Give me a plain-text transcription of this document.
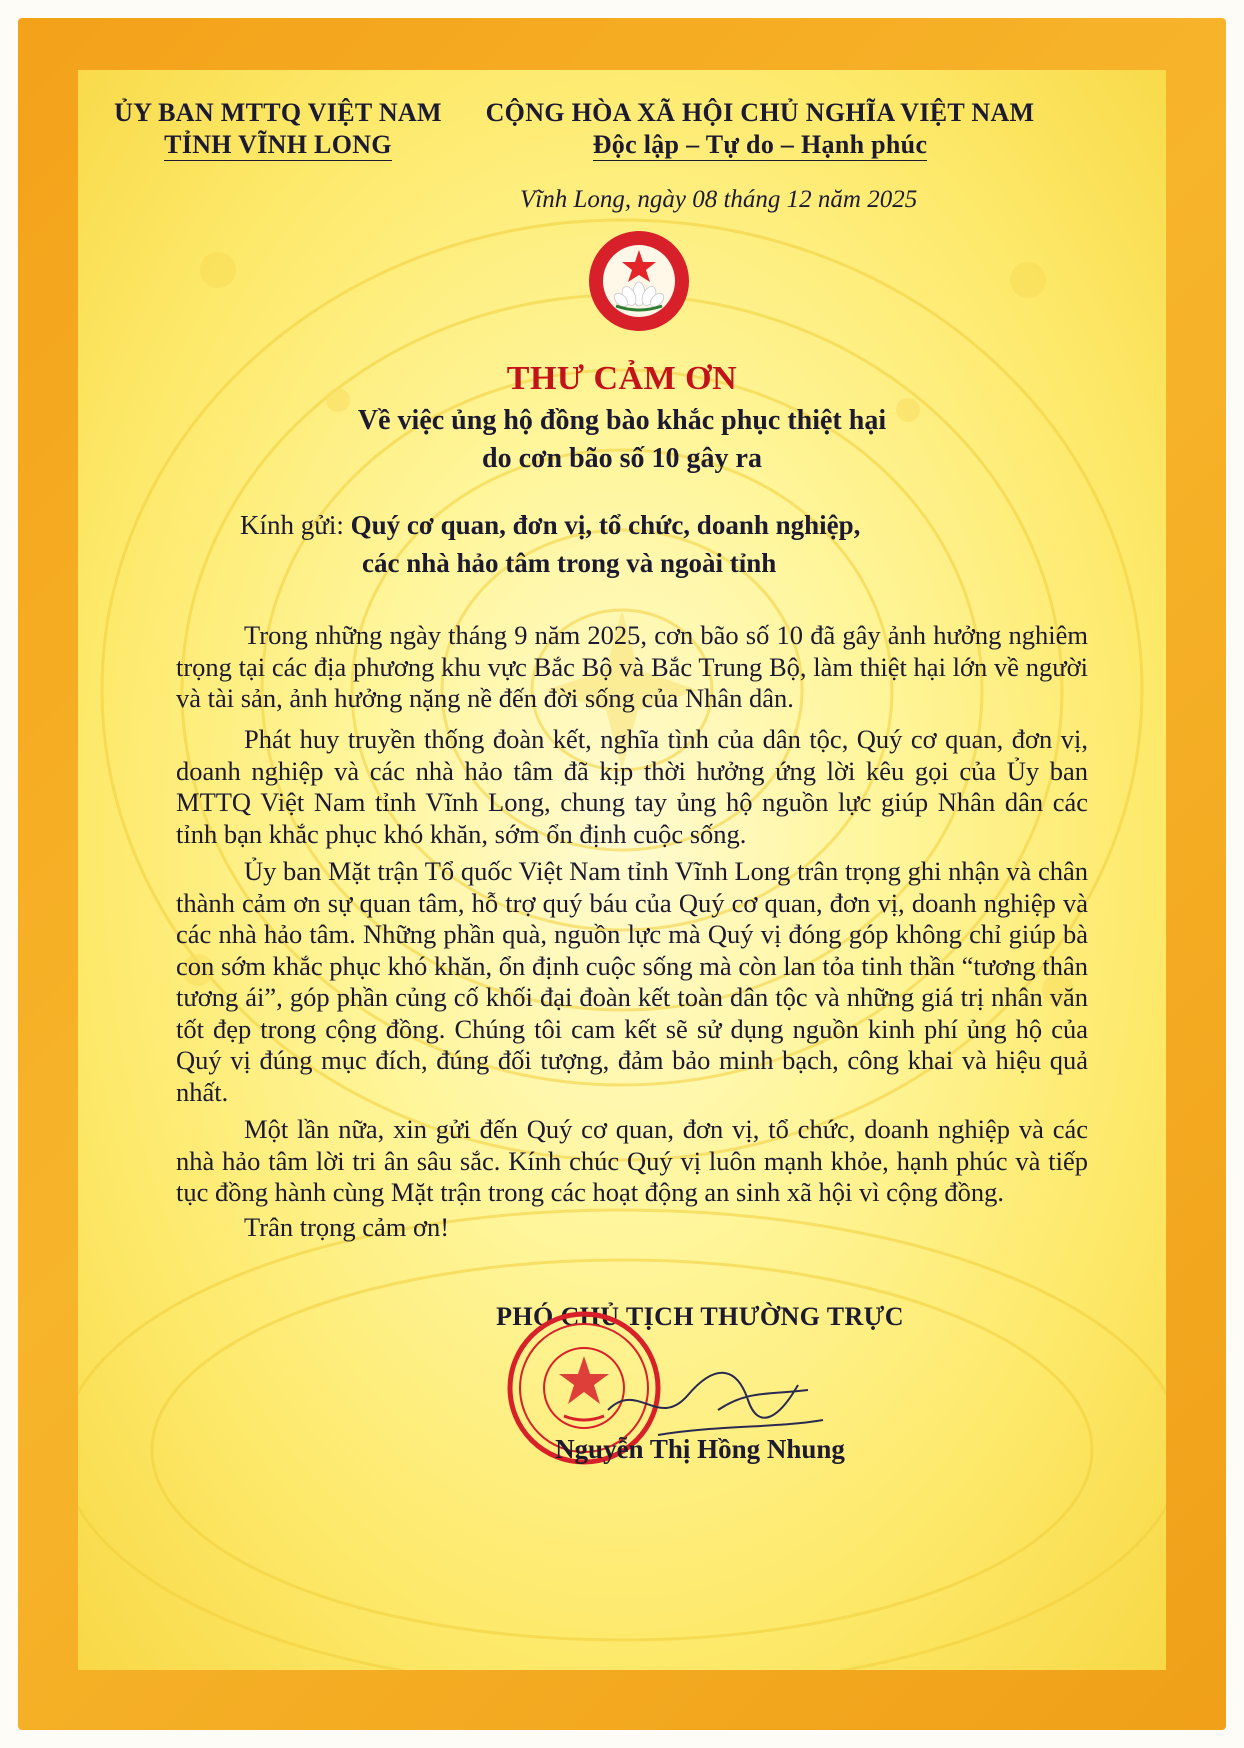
ỦY BAN MTTQ VIỆT NAM
TỈNH VĨNH LONG
CỘNG HÒA XÃ HỘI CHỦ NGHĨA VIỆT NAM
Độc lập – Tự do – Hạnh phúc
Vĩnh Long, ngày 08 tháng 12 năm 2025
THƯ CẢM ƠN
Về việc ủng hộ đồng bào khắc phục thiệt hại
do cơn bão số 10 gây ra
Kính gửi: Quý cơ quan, đơn vị, tổ chức, doanh nghiệp,
các nhà hảo tâm trong và ngoài tỉnh

Trong những ngày tháng 9 năm 2025, cơn bão số 10 đã gây ảnh hưởng nghiêm trọng tại các địa phương khu vực Bắc Bộ và Bắc Trung Bộ, làm thiệt hại lớn về người và tài sản, ảnh hưởng nặng nề đến đời sống của Nhân dân.

Phát huy truyền thống đoàn kết, nghĩa tình của dân tộc, Quý cơ quan, đơn vị, doanh nghiệp và các nhà hảo tâm đã kịp thời hưởng ứng lời kêu gọi của Ủy ban MTTQ Việt Nam tỉnh Vĩnh Long, chung tay ủng hộ nguồn lực giúp Nhân dân các tỉnh bạn khắc phục khó khăn, sớm ổn định cuộc sống.

Ủy ban Mặt trận Tổ quốc Việt Nam tỉnh Vĩnh Long trân trọng ghi nhận và chân thành cảm ơn sự quan tâm, hỗ trợ quý báu của Quý cơ quan, đơn vị, doanh nghiệp và các nhà hảo tâm. Những phần quà, nguồn lực mà Quý vị đóng góp không chỉ giúp bà con sớm khắc phục khó khăn, ổn định cuộc sống mà còn lan tỏa tinh thần “tương thân tương ái”, góp phần củng cố khối đại đoàn kết toàn dân tộc và những giá trị nhân văn tốt đẹp trong cộng đồng. Chúng tôi cam kết sẽ sử dụng nguồn kinh phí ủng hộ của Quý vị đúng mục đích, đúng đối tượng, đảm bảo minh bạch, công khai và hiệu quả nhất.

Một lần nữa, xin gửi đến Quý cơ quan, đơn vị, tổ chức, doanh nghiệp và các nhà hảo tâm lời tri ân sâu sắc. Kính chúc Quý vị luôn mạnh khỏe, hạnh phúc và tiếp tục đồng hành cùng Mặt trận trong các hoạt động an sinh xã hội vì cộng đồng.

Trân trọng cảm ơn!

PHÓ CHỦ TỊCH THƯỜNG TRỰC
Nguyễn Thị Hồng Nhung
